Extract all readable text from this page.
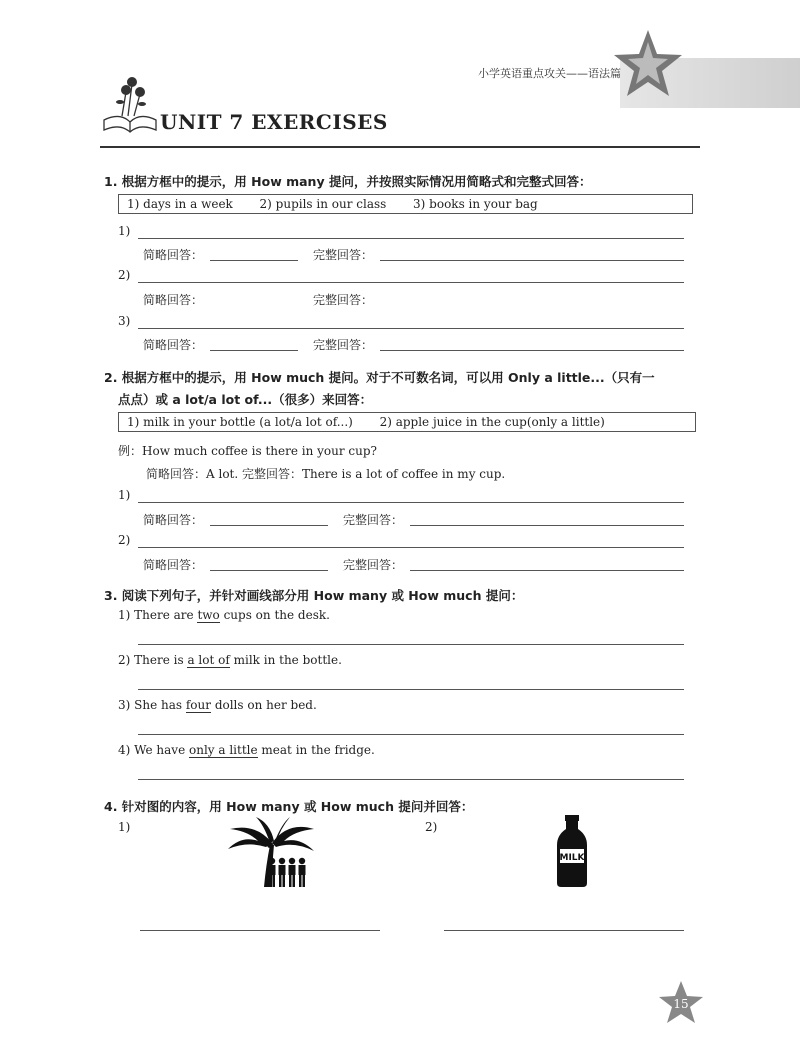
小学英语重点攻关——语法篇
UNIT 7 EXERCISES
1. 根据方框中的提示，用 How many 提问，并按照实际情况用简略式和完整式回答：
1) days in a week 2) pupils in our class 3) books in your bag
1)
简略回答：	完整回答：
2)
简略回答：	完整回答：
3)
简略回答：	完整回答：
2. 根据方框中的提示，用 How much 提问。对于不可数名词，可以用 Only a little...（只有一
点点）或 a lot/a lot of...（很多）来回答：
1) milk in your bottle (a lot/a lot of...) 2) apple juice in the cup(only a little)
例：How much coffee is there in your cup?
简略回答：A lot. 完整回答：There is a lot of coffee in my cup.
1)
简略回答：	完整回答：
2)
简略回答：	完整回答：
3. 阅读下列句子，并针对画线部分用 How many 或 How much 提问：
1) There are two cups on the desk.
2) There is a lot of milk in the bottle.
3) She has four dolls on her bed.
4) We have only a little meat in the fridge.
4. 针对图的内容，用 How many 或 How much 提问并回答：
1)	2)
MILK
15
